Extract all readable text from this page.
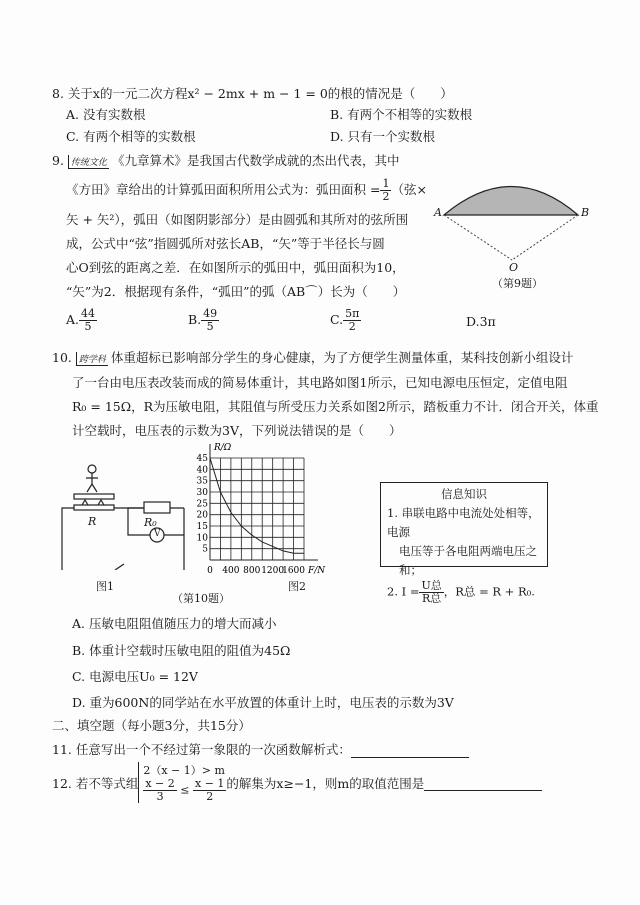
8. 关于x的一元二次方程x² − 2mx + m − 1 = 0的根的情况是（　　）
A. 没有实数根	B. 有两个不相等的实数根
C. 有两个相等的实数根	D. 只有一个实数根
9. 传统文化 《九章算术》是我国古代数学成就的杰出代表，其中
《方田》章给出的计算弧田面积所用公式为：弧田面积 = $\frac{1}{2}$ （弦×
矢 + 矢²），弧田（如图阴影部分）是由圆弧和其所对的弦所围
成，公式中“弦”指圆弧所对弦长AB，“矢”等于半径长与圆
心O到弦的距离之差．在如图所示的弧田中，弧田面积为10，
“矢”为2．根据现有条件，“弧田”的弧（AB⌒）长为（　　）
A. $\frac{44}{5}$	B. $\frac{49}{5}$	C. $\frac{5\pi}{2}$	D.3π
A	B
O
（第9题）
10. 跨学科 体重超标已影响部分学生的身心健康，为了方便学生测量体重，某科技创新小组设计
了一台由电压表改装而成的简易体重计，其电路如图1所示，已知电源电压恒定，定值电阻
R₀ = 15Ω，R为压敏电阻，其阻值与所受压力关系如图2所示，踏板重力不计．闭合开关，体重
计空载时，电压表的示数为3V，下列说法错误的是（　　）
R	R₀
V
图1
（第10题）
R/Ω
F/N
45
40
35
30
25
20
15
10
5
0 400 800 1200
1600
图2
信息知识
1. 串联电路中电流处处相等，电源
电压等于各电阻两端电压之和；
2. $I = \frac{\text{U总}}{\text{R总}}$ ，R总 = R + R₀.
A. 压敏电阻阻值随压力的增大而减小
B. 体重计空载时压敏电阻的阻值为45Ω
C. 电源电压U₀ = 12V
D. 重为600N的同学站在水平放置的体重计上时，电压表的示数为3V
二、填空题（每小题3分，共15分）
11. 任意写出一个不经过第一象限的一次函数解析式：
12. 若不等式组
2（x − 1）> m
$\frac{x - 2}{3} \le \frac{x - 1}{2}$ 的解集为x≥−1，则m的取值范围是
